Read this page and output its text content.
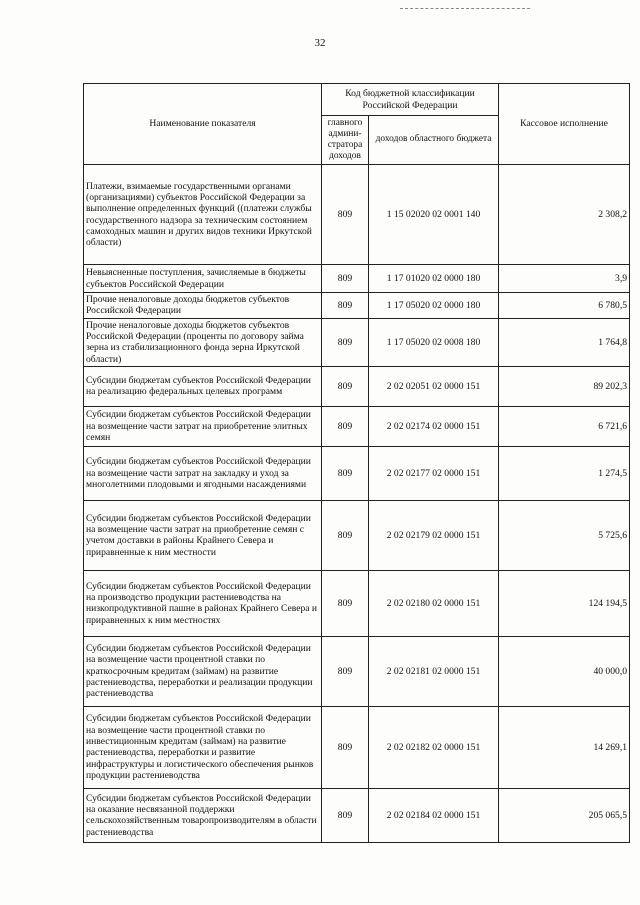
32
Наименование показателя	Код бюджетной классификации Российской Федерации		Кассовое исполнение
	главного админи-стратора доходов	доходов областного бюджета	
Платежи, взимаемые государственными органами (организациями) субъектов Российской Федерации за выполнение определенных функций ((платежи службы государственного надзора за техническим состоянием самоходных машин и других видов техники Иркутской области)	809	1 15 02020 02 0001 140	2 308,2
Невыясненные поступления, зачисляемые в бюджеты субъектов Российской Федерации	809	1 17 01020 02 0000 180	3,9
Прочие неналоговые доходы бюджетов субъектов Российской Федерации	809	1 17 05020 02 0000 180	6 780,5
Прочие неналоговые доходы бюджетов субъектов Российской Федерации (проценты по договору займа зерна из стабилизационного фонда зерна Иркутской области)	809	1 17 05020 02 0008 180	1 764,8
Субсидии бюджетам субъектов Российской Федерации на реализацию федеральных целевых программ	809	2 02 02051 02 0000 151	89 202,3
Субсидии бюджетам субъектов Российской Федерации на возмещение части затрат на приобретение элитных семян	809	2 02 02174 02 0000 151	6 721,6
Субсидии бюджетам субъектов Российской Федерации на возмещение части затрат на закладку и уход за многолетними плодовыми и ягодными насаждениями	809	2 02 02177 02 0000 151	1 274,5
Субсидии бюджетам субъектов Российской Федерации на возмещение части затрат на приобретение семян с учетом доставки в районы Крайнего Севера и приравненные к ним местности	809	2 02 02179 02 0000 151	5 725,6
Субсидии бюджетам субъектов Российской Федерации на производство продукции растениеводства на низкопродуктивной пашне в районах Крайнего Севера и приравненных к ним местностях	809	2 02 02180 02 0000 151	124 194,5
Субсидии бюджетам субъектов Российской Федерации на возмещение части процентной ставки по краткосрочным кредитам (займам) на развитие растениеводства, переработки и реализации продукции растениеводства	809	2 02 02181 02 0000 151	40 000,0
Субсидии бюджетам субъектов Российской Федерации на возмещение части процентной ставки по инвестиционным кредитам (займам) на развитие растениеводства, переработки и развитие инфраструктуры и логистического обеспечения рынков продукции растениеводства	809	2 02 02182 02 0000 151	14 269,1
Субсидии бюджетам субъектов Российской Федерации на оказание несвязанной поддержки сельскохозяйственным товаропроизводителям в области растениеводства	809	2 02 02184 02 0000 151	205 065,5
